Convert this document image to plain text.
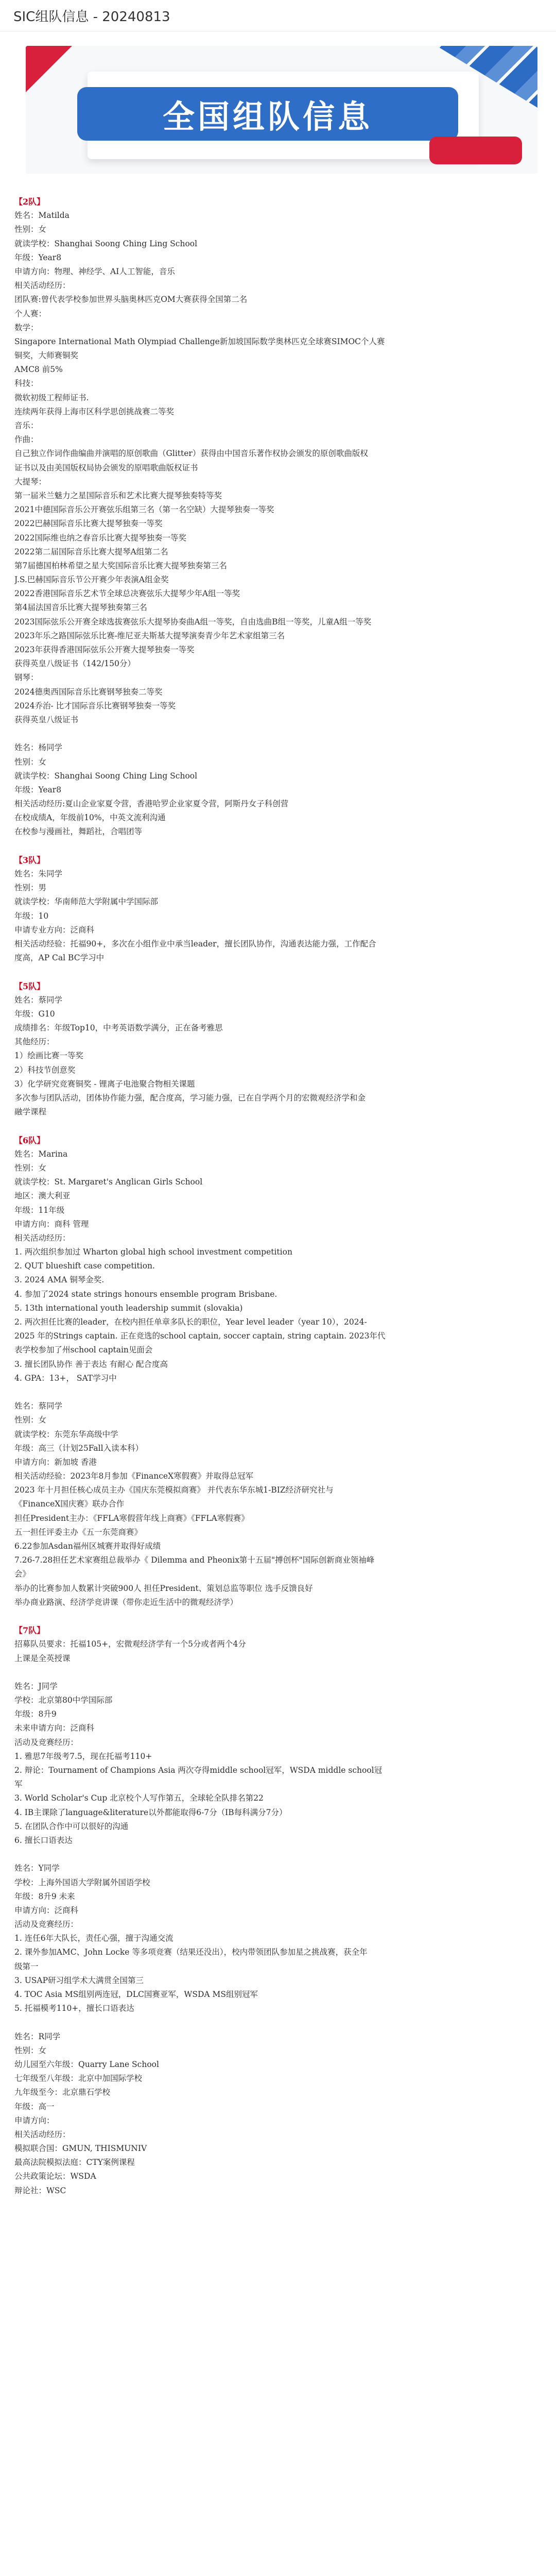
SIC组队信息 - 20240813
全国组队信息
【2队】
姓名：Matilda
性别：女
就读学校：Shanghai Soong Ching Ling School
年级：Year8
申请方向：物理、神经学、AI人工智能，音乐
相关活动经历：
团队赛:曾代表学校参加世界头脑奥林匹克OM大赛获得全国第二名
个人赛：
数学：
Singapore International Math Olympiad Challenge新加坡国际数学奥林匹克全球赛SIMOC个人赛
铜奖，大师赛铜奖
AMC8 前5%
科技：
微软初级工程师证书.
连续两年获得上海市区科学思创挑战赛二等奖
音乐：
作曲：
自己独立作词作曲编曲并演唱的原创歌曲（Glitter）获得由中国音乐著作权协会颁发的原创歌曲版权
证书以及由美国版权局协会颁发的原唱歌曲版权证书
大提琴：
第一届米兰魅力之星国际音乐和艺术比赛大提琴独奏特等奖
2021中德国际音乐公开赛弦乐组第三名（第一名空缺）大提琴独奏一等奖
2022巴赫国际音乐比赛大提琴独奏一等奖
2022国际维也纳之春音乐比赛大提琴独奏一等奖
2022第二届国际音乐比赛大提琴A组第二名
第7届德国柏林希望之星大奖国际音乐比赛大提琴独奏第三名
J.S.巴赫国际音乐节公开赛少年表演A组金奖
2022香港国际音乐艺术节全球总决赛弦乐大提琴少年A组一等奖
第4届法国音乐比赛大提琴独奏第三名
2023国际弦乐公开赛全球选拔赛弦乐大提琴协奏曲A组一等奖，自由选曲B组一等奖，儿童A组一等奖
2023年乐之路国际弦乐比赛-维尼亚夫斯基大提琴演奏青少年艺术家组第三名
2023年获得香港国际弦乐公开赛大提琴独奏一等奖
获得英皇八级证书（142/150分）
钢琴：
2024德奥西国际音乐比赛钢琴独奏二等奖
2024乔治- 比才国际音乐比赛钢琴独奏一等奖
获得英皇八级证书
姓名：杨同学
性别：女
就读学校：Shanghai Soong Ching Ling School
年级：Year8
相关活动经历:夏山企业家夏令营，香港哈罗企业家夏令营，阿斯丹女子科创营
在校成绩A，年级前10%，中英文流利沟通
在校参与漫画社，舞蹈社，合唱团等
【3队】
姓名：朱同学
性别：男
就读学校：华南师范大学附属中学国际部
年级：10
申请专业方向：泛商科
相关活动经验：托福90+，多次在小组作业中承当leader，擅长团队协作，沟通表达能力强，工作配合
度高，AP Cal BC学习中
【5队】
姓名：蔡同学
年级：G10
成绩排名：年级Top10，中考英语数学满分，正在备考雅思
其他经历：
1）绘画比赛一等奖
2）科技节创意奖
3）化学研究竞赛铜奖 - 锂离子电池聚合物相关课题
多次参与团队活动，团体协作能力强，配合度高，学习能力强，已在自学两个月的宏微观经济学和金
融学课程
【6队】
姓名：Marina
性别：女
就读学校：St. Margaret's Anglican Girls School
地区：澳大利亚
年级：11年级
申请方向：商科 管理
相关活动经历：
1. 两次组织参加过 Wharton global high school investment competition
2. QUT blueshift case competition.
3. 2024 AMA 铜琴金奖.
4. 参加了2024 state strings honours ensemble program Brisbane.
5. 13th international youth leadership summit (slovakia)
2. 两次担任比赛的leader，在校内担任单章多队长的职位，Year level leader（year 10），2024-
2025 年的Strings captain. 正在竞选的school captain, soccer captain, string captain. 2023年代
表学校参加了州school captain见面会
3. 擅长团队协作 善于表达 有耐心 配合度高
4. GPA：13+， SAT学习中
姓名：蔡同学
性别：女
就读学校：东莞东华高级中学
年级：高三（计划25Fall入读本科）
申请方向：新加坡 香港
相关活动经验：2023年8月参加《FinanceX寒假赛》并取得总冠军
2023 年十月担任核心成员主办《国庆东莞模拟商赛》 并代表东华东城1-BIZ经济研究社与
《FinanceX国庆赛》联办合作
担任President主办：《FFLA寒假营年线上商赛》《FFLA寒假赛》
五一担任评委主办《五一东莞商赛》
6.22参加Asdan福州区城赛并取得好成绩
7.26-7.28担任艺术家赛组总裁举办《 Dilemma and Pheonix第十五届"搏创杯"国际创新商业领袖峰
会》
举办的比赛参加人数累计突破900人 担任President、策划总监等职位 选手反馈良好
举办商业路演、经济学竞讲课（带你走近生活中的微观经济学）
【7队】
招募队员要求：托福105+，宏微观经济学有一个5分或者两个4分
上课是全英授课
姓名：J同学
学校：北京第80中学国际部
年级：8升9
未来申请方向：泛商科
活动及竞赛经历：
1. 雅思7年级考7.5，现在托福考110+
2. 辩论：Tournament of Champions Asia 两次夺得middle school冠军，WSDA middle school冠
军
3. World Scholar's Cup 北京校个人写作第五，全球轮全队排名第22
4. IB主课除了language&literature以外都能取得6-7分（IB每科满分7分）
5. 在团队合作中可以很好的沟通
6. 擅长口语表达
姓名：Y同学
学校：上海外国语大学附属外国语学校
年级：8升9 未来
申请方向：泛商科
活动及竞赛经历：
1. 连任6年大队长，责任心强，擅于沟通交流
2. 课外参加AMC、John Locke 等多项竞赛（结果还没出），校内带领团队参加星之挑战赛，获全年
级第一
3. USAP研习组学术大满贯全国第三
4. TOC Asia MS组别两连冠，DLC国赛亚军，WSDA MS组别冠军
5. 托福模考110+，擅长口语表达
姓名：R同学
性别：女
幼儿园至六年级：Quarry Lane School
七年级至八年级：北京中加国际学校
九年级至今：北京鼎石学校
年级：高一
申请方向：
相关活动经历：
模拟联合国：GMUN, THISMUNIV
最高法院模拟法庭：CTY案例课程
公共政策论坛：WSDA
辩论社：WSC
